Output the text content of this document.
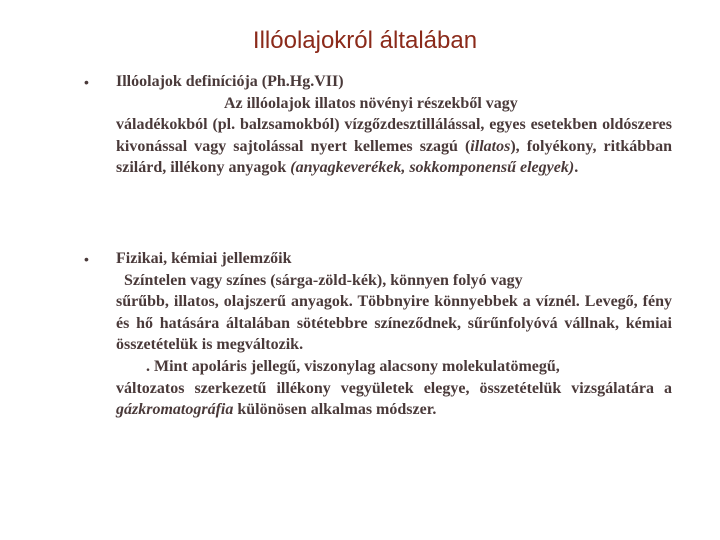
Illóolajokról általában
• Illóolajok definíciója (Ph.Hg.VII)

Az illóolajok illatos növényi részekből vagy

váladékokból (pl. balzsamokból) vízgőzdesztillálással, egyes esetekben oldószeres kivonással vagy sajtolással nyert kellemes szagú (illatos), folyékony, ritkábban szilárd, illékony anyagok (anyagkeverékek, sokkomponensű elegyek).

• Fizikai, kémiai jellemzőik

Színtelen vagy színes (sárga-zöld-kék), könnyen folyó vagy

sűrűbb, illatos, olajszerű anyagok. Többnyire könnyebbek a víznél. Levegő, fény és hő hatására általában sötétebbre színeződnek, sűrűnfolyóvá vállnak, kémiai összetételük is megváltozik.

. Mint apoláris jellegű, viszonylag alacsony molekulatömegű,

változatos szerkezetű illékony vegyületek elegye, összetételük vizsgálatára a gázkromatográfia különösen alkalmas módszer.
